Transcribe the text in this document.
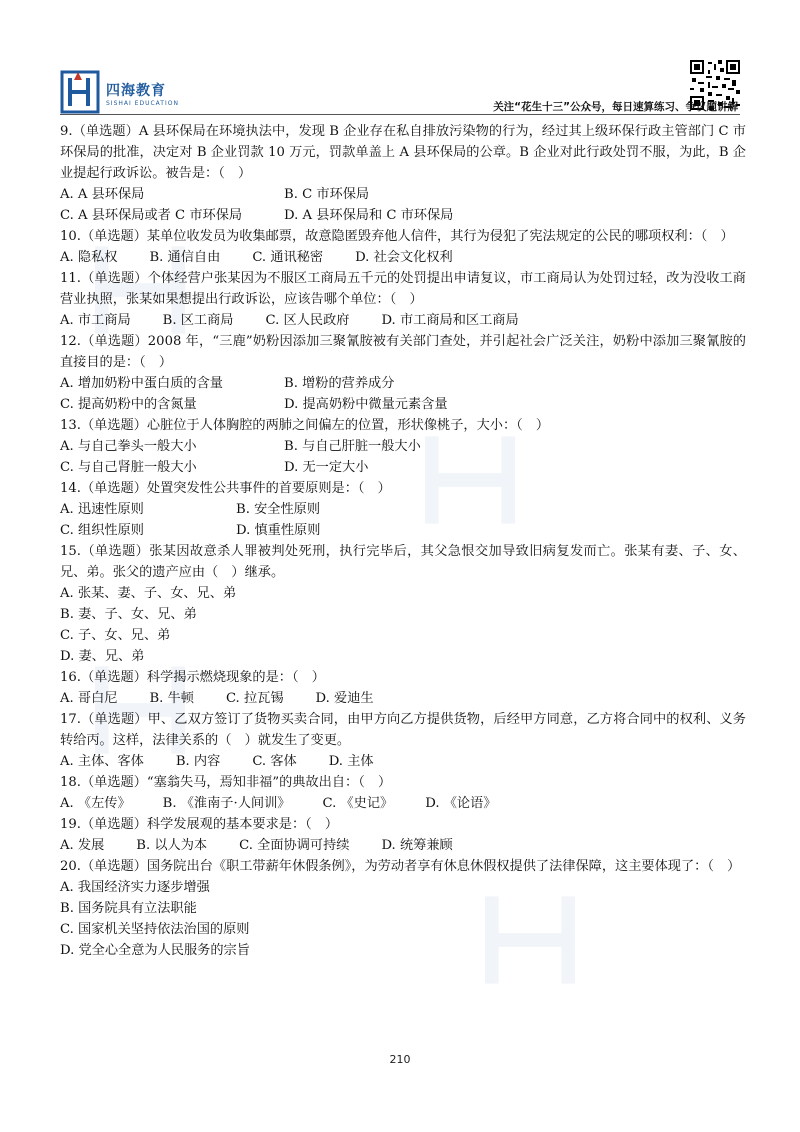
四海教育
SISHAI EDUCATION	关注“花生十三”公众号，每日速算练习、争议题讲解

9.（单选题）A 县环保局在环境执法中，发现 B 企业存在私自排放污染物的行为，经过其上级环保行政主管部门 C 市环保局的批准，决定对 B 企业罚款 10 万元，罚款单盖上 A 县环保局的公章。B 企业对此行政处罚不服，为此，B 企业提起行政诉讼。被告是：（　）

A. A 县环保局	B. C 市环保局
C. A 县环保局或者 C 市环保局	D. A 县环保局和 C 市环保局

10.（单选题）某单位收发员为收集邮票，故意隐匿毁弃他人信件，其行为侵犯了宪法规定的公民的哪项权利：（　）

A. 隐私权 B. 通信自由 C. 通讯秘密 D. 社会文化权利

11.（单选题）个体经营户张某因为不服区工商局五千元的处罚提出申请复议，市工商局认为处罚过轻，改为没收工商营业执照，张某如果想提出行政诉讼，应该告哪个单位：（　）

A. 市工商局 B. 区工商局 C. 区人民政府 D. 市工商局和区工商局

12.（单选题）2008 年，“三鹿”奶粉因添加三聚氰胺被有关部门查处，并引起社会广泛关注，奶粉中添加三聚氰胺的直接目的是：（　）

A. 增加奶粉中蛋白质的含量	B. 增粉的营养成分
C. 提高奶粉中的含氮量	D. 提高奶粉中微量元素含量

13.（单选题）心脏位于人体胸腔的两肺之间偏左的位置，形状像桃子，大小：（　）

A. 与自己拳头一般大小	B. 与自己肝脏一般大小
C. 与自己肾脏一般大小	D. 无一定大小

14.（单选题）处置突发性公共事件的首要原则是：（　）

A. 迅速性原则	B. 安全性原则
C. 组织性原则	D. 慎重性原则

15.（单选题）张某因故意杀人罪被判处死刑，执行完毕后，其父急恨交加导致旧病复发而亡。张某有妻、子、女、兄、弟。张父的遗产应由（　）继承。

A. 张某、妻、子、女、兄、弟
B. 妻、子、女、兄、弟
C. 子、女、兄、弟
D. 妻、兄、弟

16.（单选题）科学揭示燃烧现象的是：（　）

A. 哥白尼 B. 牛顿 C. 拉瓦锡 D. 爱迪生

17.（单选题）甲、乙双方签订了货物买卖合同，由甲方向乙方提供货物，后经甲方同意，乙方将合同中的权利、义务转给丙。这样，法律关系的（　）就发生了变更。

A. 主体、客体 B. 内容 C. 客体 D. 主体

18.（单选题）“塞翁失马，焉知非福”的典故出自：（　）

A. 《左传》 B. 《淮南子·人间训》 C. 《史记》 D. 《论语》

19.（单选题）科学发展观的基本要求是：（　）

A. 发展 B. 以人为本 C. 全面协调可持续 D. 统筹兼顾

20.（单选题）国务院出台《职工带薪年休假条例》，为劳动者享有休息休假权提供了法律保障，这主要体现了：（　）

A. 我国经济实力逐步增强
B. 国务院具有立法职能
C. 国家机关坚持依法治国的原则
D. 党全心全意为人民服务的宗旨
210
